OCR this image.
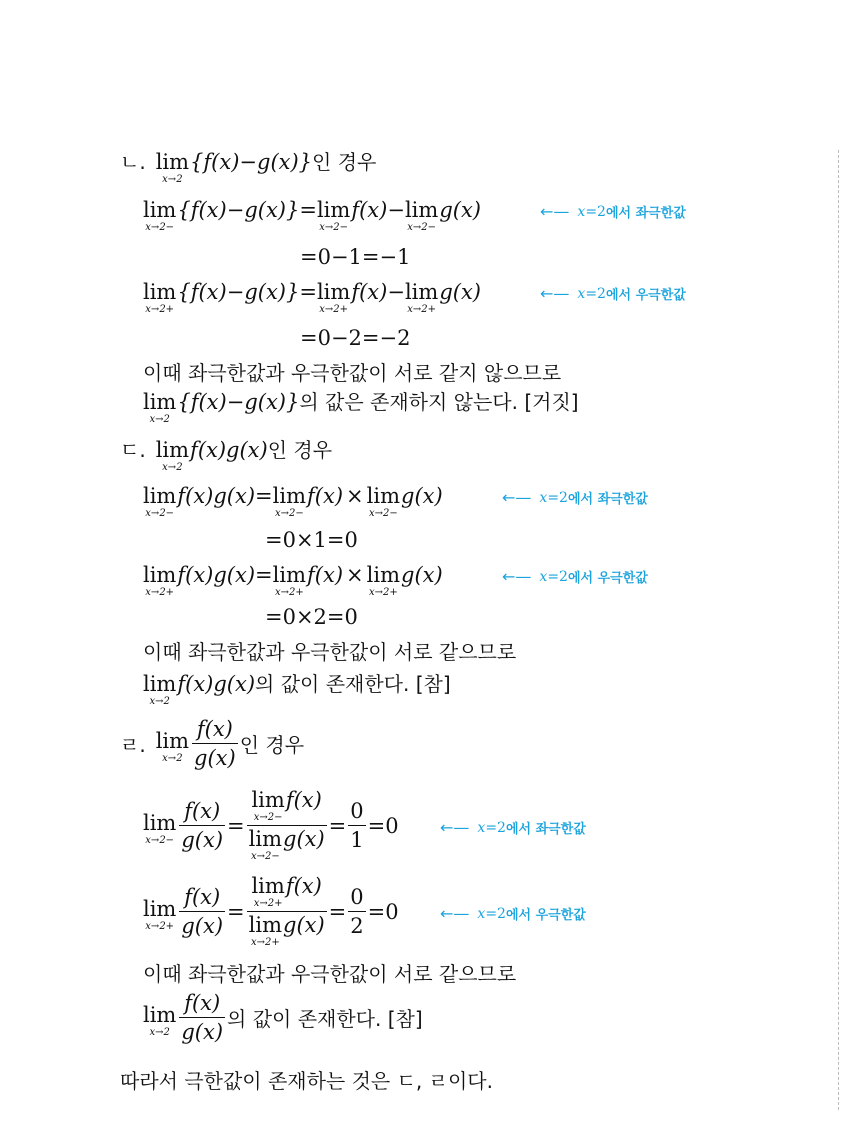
ㄴ. lim
x→2
{f(x)−g(x)} 인 경우
lim
x→2−
{f(x)−g(x)} = lim
x→2−
f(x) − lim
x→2−
g(x)	←— x =2 에서 좌극한값
=0−1=−1
lim
x→2+
{f(x)−g(x)} = lim
x→2+
f(x) − lim
x→2+
g(x)	←— x =2 에서 우극한값
=0−2=−2
이때 좌극한값과 우극한값이 서로 같지 않으므로
lim
x→2
{f(x)−g(x)} 의 값은 존재하지 않는다. [거짓]
ㄷ. lim
x→2
f(x)g(x) 인 경우
lim
x→2−
f(x)g(x) = lim
x→2−
f(x) × lim
x→2−
g(x)	←— x =2 에서 좌극한값
=0×1=0
lim
x→2+
f(x)g(x) = lim
x→2+
f(x) × lim
x→2+
g(x)	←— x =2 에서 우극한값
=0×2=0
이때 좌극한값과 우극한값이 서로 같으므로
lim
x→2
f(x)g(x) 의 값이 존재한다. [참]
ㄹ. lim
$x\to 2 \frac{f(x)}{g(x)}$ 인 경우
lim
$x\to 2- \frac{f(x)}{g(x)} = \lim$
x→2−
f(x)
lim
x→2−
$g(x) = \frac{0}{1} =0$	←— x =2 에서 좌극한값
lim
$x\to 2+ \frac{f(x)}{g(x)} = \lim$
x→2+
f(x)
lim
x→2+
$g(x) = \frac{0}{2} =0$	←— x =2 에서 우극한값
이때 좌극한값과 우극한값이 서로 같으므로
lim
$x\to 2 \frac{f(x)}{g(x)}$ 의 값이 존재한다. [참]
따라서 극한값이 존재하는 것은 ㄷ, ㄹ이다.
